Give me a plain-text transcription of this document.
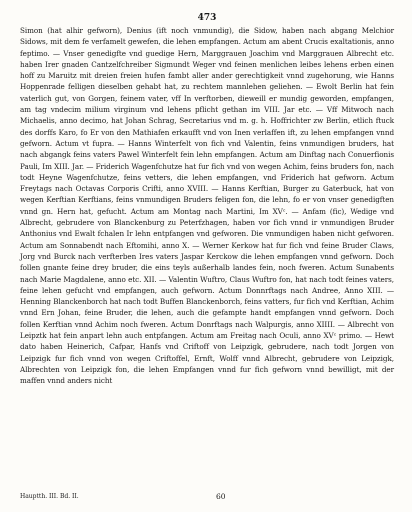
473
Simon (hat alhir gefworn), Denius (ift noch vnmundig), die Sidow, haben nach abgang Melchior Sidows, mit dem fe verfamelt gewefen, die lehen empfangen. Actum am abent Crucis exaltationis, anno feptimo. — Vnser genedigfte vnd guedige Hern, Marggrauen Joachim vnd Marggrauen Albrecht etc. haben Irer gnaden Cantzelfchreiber Sigmundt Weger vnd feinen menlichen leibes lehens erben einen hoff zu Maruitz mit dreien freien hufen fambt aller ander gerechtigkeit vnnd zugehorung, wie Hanns Hoppenrade felligen dieselben gehabt hat, zu rechtem mannlehen geliehen. — Ewolt Berlin hat fein vaterlich gut, von Gorgen, feinem vater, vff In verftorben, dieweill er mundig geworden, empfangen, am tag vndecim milium virginum vnd lehens pflicht gethan im VIII. Jar etc. — Vff Mitwoch nach Michaelis, anno decimo, hat Johan Schrag, Secretarius vnd m. g. h. Hoffrichter zw Berlin, etlich ftuck des dorffs Karo, fo Er von den Mathiafen erkaufft vnd von Inen verlaffen ift, zu lehen empfangen vnnd gefworn. Actum vt fupra. — Hanns Winterfelt von fich vnd Valentin, feins vnmundigen bruders, hat nach abgangk feins vaters Pawel Winterfelt fein lehn empfangen. Actum am Dinftag nach Conuerfionis Pauli, Im XIII. Jar. — Friderich Wagenfchutze hat fur fich vnd von wegen Achim, feins bruders fon, nach todt Heyne Wagenfchutze, feins vetters, die lehen empfangen, vnd Friderich hat gefworn. Actum Freytags nach Octavas Corporis Crifti, anno XVIII. — Hanns Kerftian, Burger zu Gaterbuck, hat von wegen Kerftian Kerftians, feins vnmundigen Bruders feligen fon, die lehn, fo er von vnser genedigften vnnd gn. Hern hat, gefucht. Actum am Montag nach Martini, Im XVᶜ. — Anfam (fic), Wedige vnd Albrecht, gebrudere von Blanckenburg zu Peterfzhagen, haben vor fich vnnd ir vnmundigen Bruder Anthonius vnd Ewalt fchalen Ir lehn entpfangen vnd gefworen. Die vnmundigen haben nicht gefworen. Actum am Sonnabendt nach Eftomihi, anno X. — Werner Kerkow hat fur fich vnd feine Bruder Claws, Jorg vnd Burck nach verfterben Ires vaters Jaspar Kerckow die lehen empfangen vnnd gefworn. Doch follen gnante feine drey bruder, die eins teyls außerhalb landes fein, noch fweren. Actum Sunabents nach Marie Magdalene, anno etc. XII. — Valentin Wuftro, Claus Wuftro fon, hat nach todt feines vaters, feine lehen gefucht vnd empfangen, auch gefworn. Actum Donnrftags nach Andree, Anno XIII. — Henning Blanckenborch hat nach todt Buffen Blanckenborch, feins vatters, fur fich vnd Kerftian, Achim vnnd Ern Johan, feine Bruder, die lehen, auch die gefampte handt empfangen vnnd gefworn. Doch follen Kerftian vnnd Achim noch fweren. Actum Donrftags nach Walpurgis, anno XIIII. — Albrecht von Leipztk hat fein anpart lehn auch entpfangen. Actum am Freitag nach Oculi, anno XVᶜ primo. — Hewt dato haben Heinerich, Cafpar, Hanfs vnd Criftoff von Leipzigk, gebrudere, nach todt Jorgen von Leipzigk fur fich vnnd von wegen Criftoffel, Ernft, Wolff vnnd Albrecht, gebrudere von Leipzigk, Albrechten von Leipzigk fon, die lehen Empfangen vnnd fur fich gefworn vnnd bewilligt, mit der maffen vnnd anders nicht
Hauptth. III. Bd. II.	60
